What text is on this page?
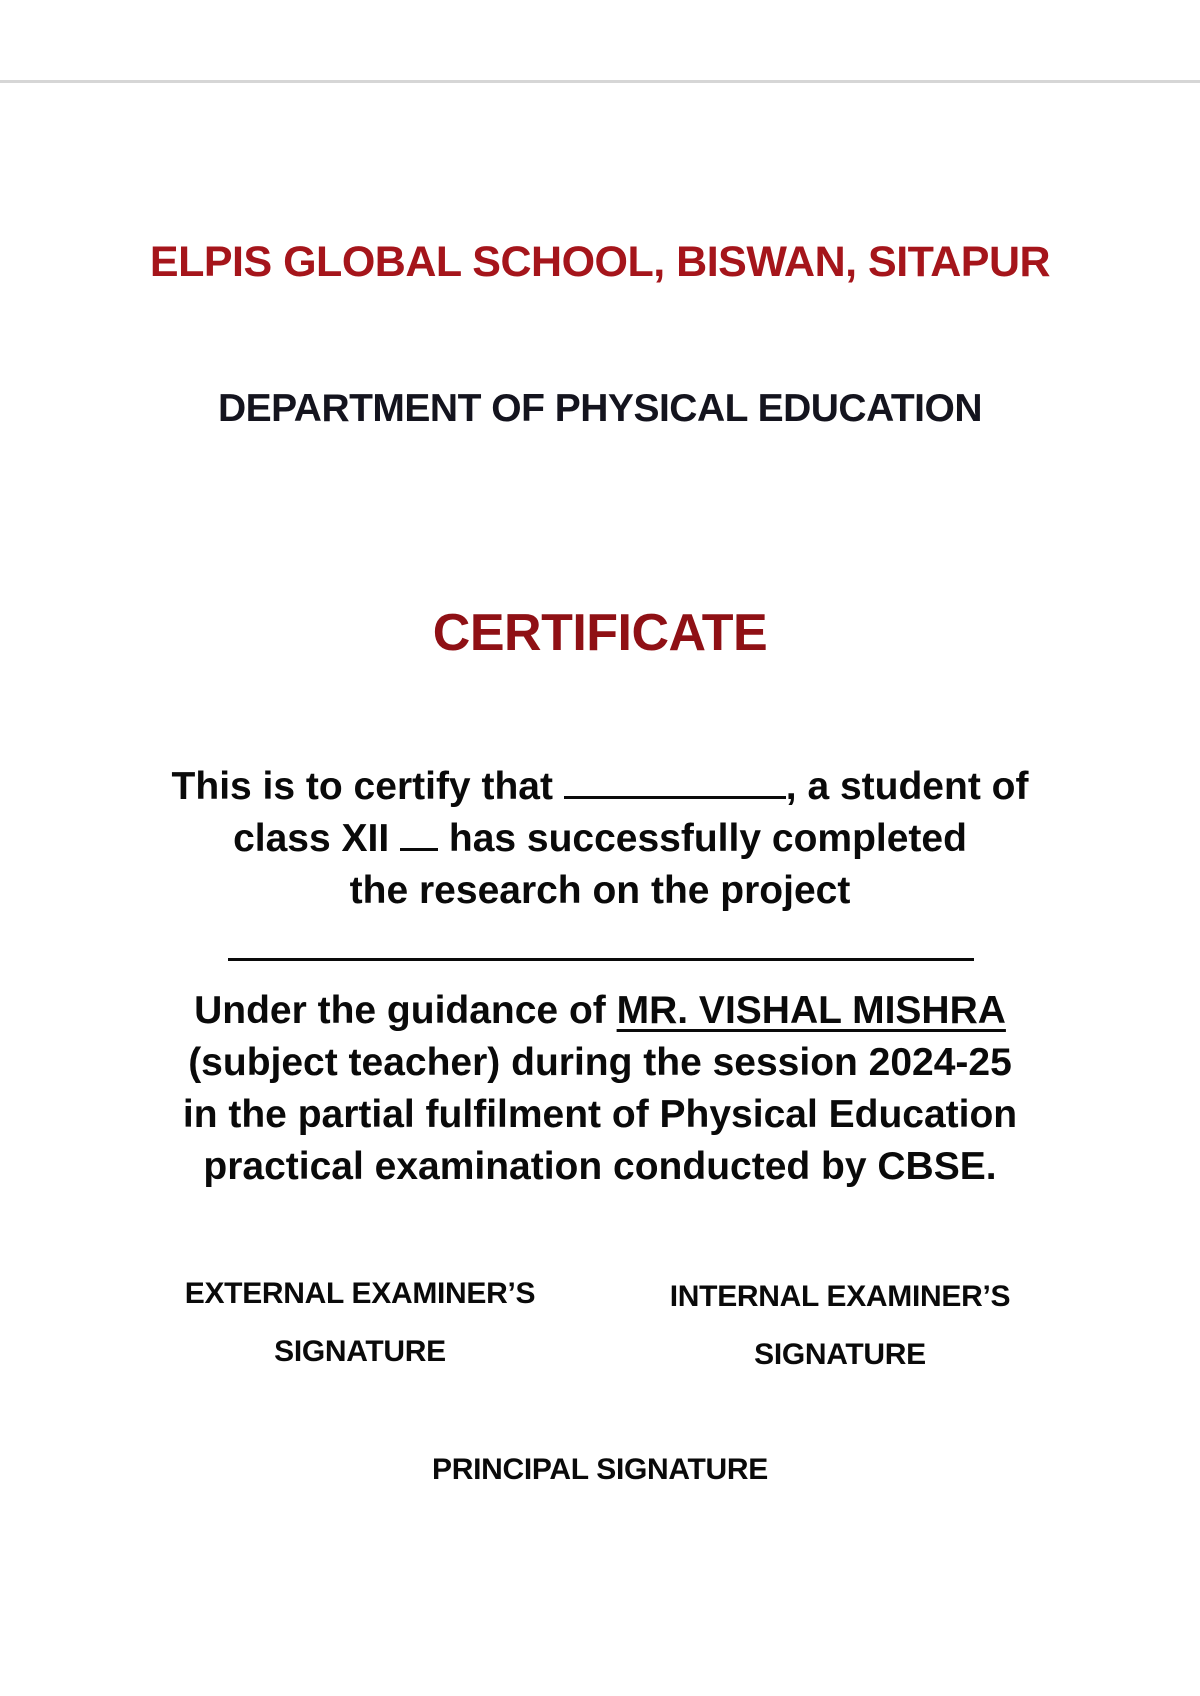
ELPIS GLOBAL SCHOOL, BISWAN, SITAPUR
DEPARTMENT OF PHYSICAL EDUCATION
CERTIFICATE
This is to certify that	, a student of
class XII  has successfully completed
the research on the project
Under the guidance of MR. VISHAL MISHRA
(subject teacher) during the session 2024-25
in the partial fulfilment of Physical Education
practical examination conducted by CBSE.
EXTERNAL EXAMINER’S
SIGNATURE
INTERNAL EXAMINER’S
SIGNATURE
PRINCIPAL SIGNATURE
